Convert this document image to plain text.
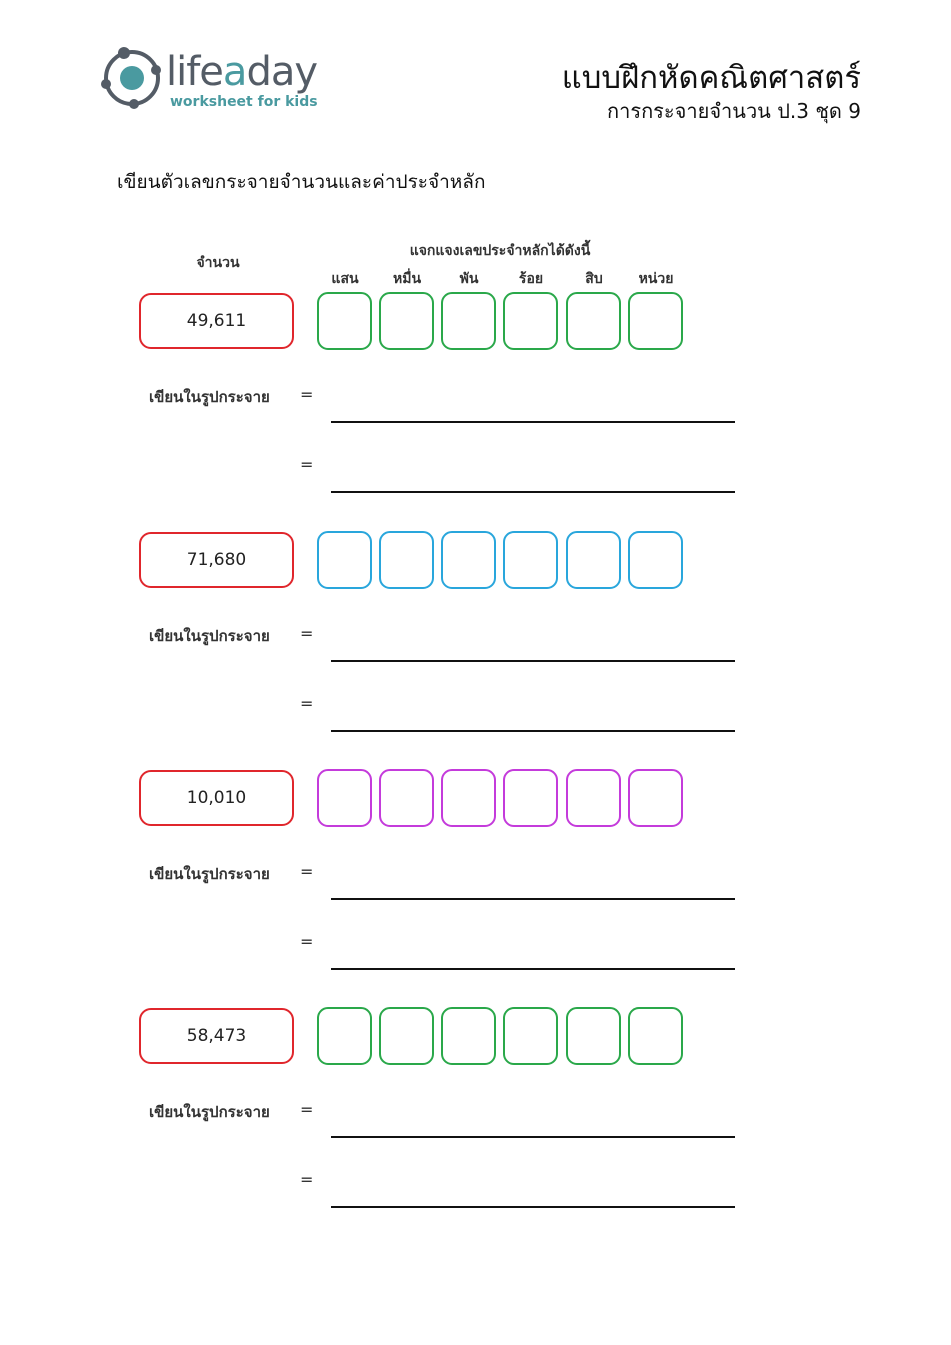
lifeaday
worksheet for kids
แบบฝึกหัดคณิตศาสตร์
การกระจายจำนวน ป.3 ชุด 9
เขียนตัวเลขกระจายจำนวนและค่าประจำหลัก
จำนวน
แจกแจงเลขประจำหลักได้ดังนี้
แสน	หมื่น	พัน	ร้อย	สิบ	หน่วย
49,611
เขียนในรูปกระจาย =
=
71,680
เขียนในรูปกระจาย =
=
10,010
เขียนในรูปกระจาย =
=
58,473
เขียนในรูปกระจาย =
=
